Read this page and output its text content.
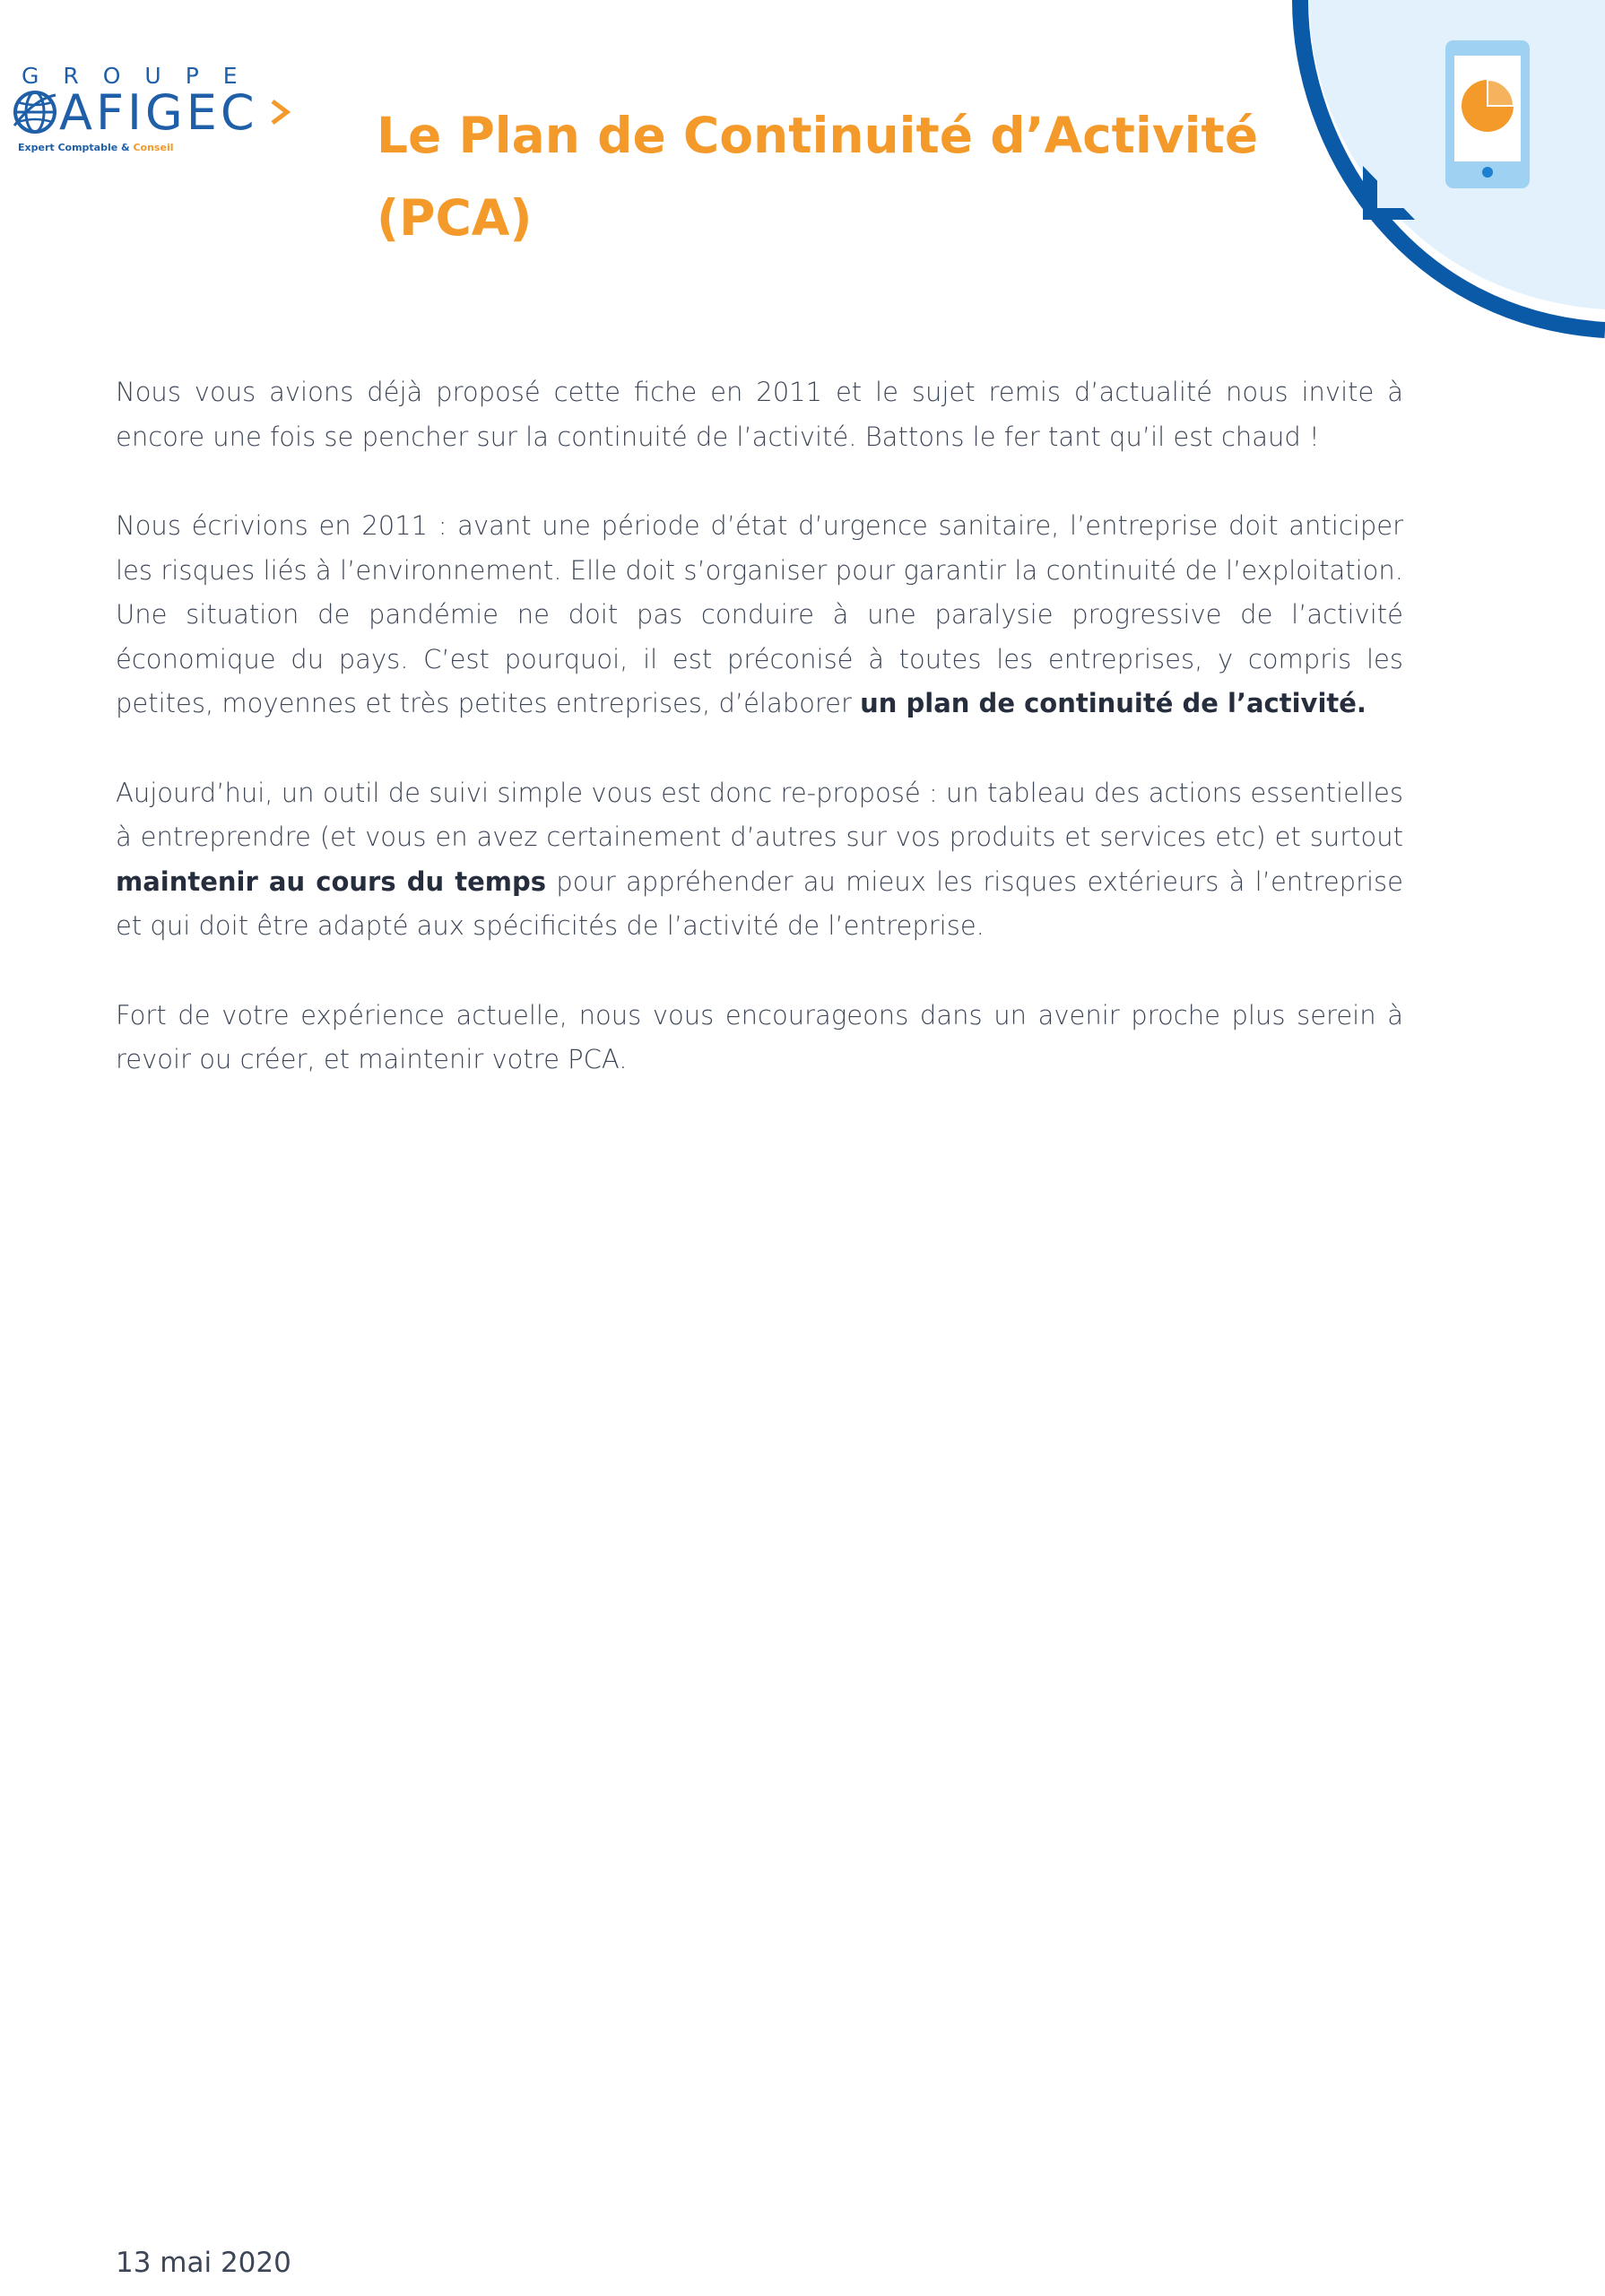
GROUPE
AFIGEC
Expert Comptable & Conseil	Le Plan de Continuité d’Activité (PCA)

Nous vous avions déjà proposé cette fiche en 2011 et le sujet remis d’actualité nous invite à encore une fois se pencher sur la continuité de l’activité. Battons le fer tant qu’il est chaud !

Nous écrivions en 2011 : avant une période d’état d’urgence sanitaire, l’entreprise doit anticiper les risques liés à l’environnement. Elle doit s’organiser pour garantir la continuité de l’exploitation. Une situation de pandémie ne doit pas conduire à une paralysie progressive de l’activité économique du pays. C’est pourquoi, il est préconisé à toutes les entreprises, y compris les petites, moyennes et très petites entreprises, d’élaborer un plan de continuité de l’activité.

Aujourd’hui, un outil de suivi simple vous est donc re-proposé : un tableau des actions essentielles à entreprendre (et vous en avez certainement d’autres sur vos produits et services etc) et surtout maintenir au cours du temps pour appréhender au mieux les risques extérieurs à l’entreprise et qui doit être adapté aux spécificités de l’activité de l’entreprise.

Fort de votre expérience actuelle, nous vous encourageons dans un avenir proche plus serein à revoir ou créer, et maintenir votre PCA.

13 mai 2020
